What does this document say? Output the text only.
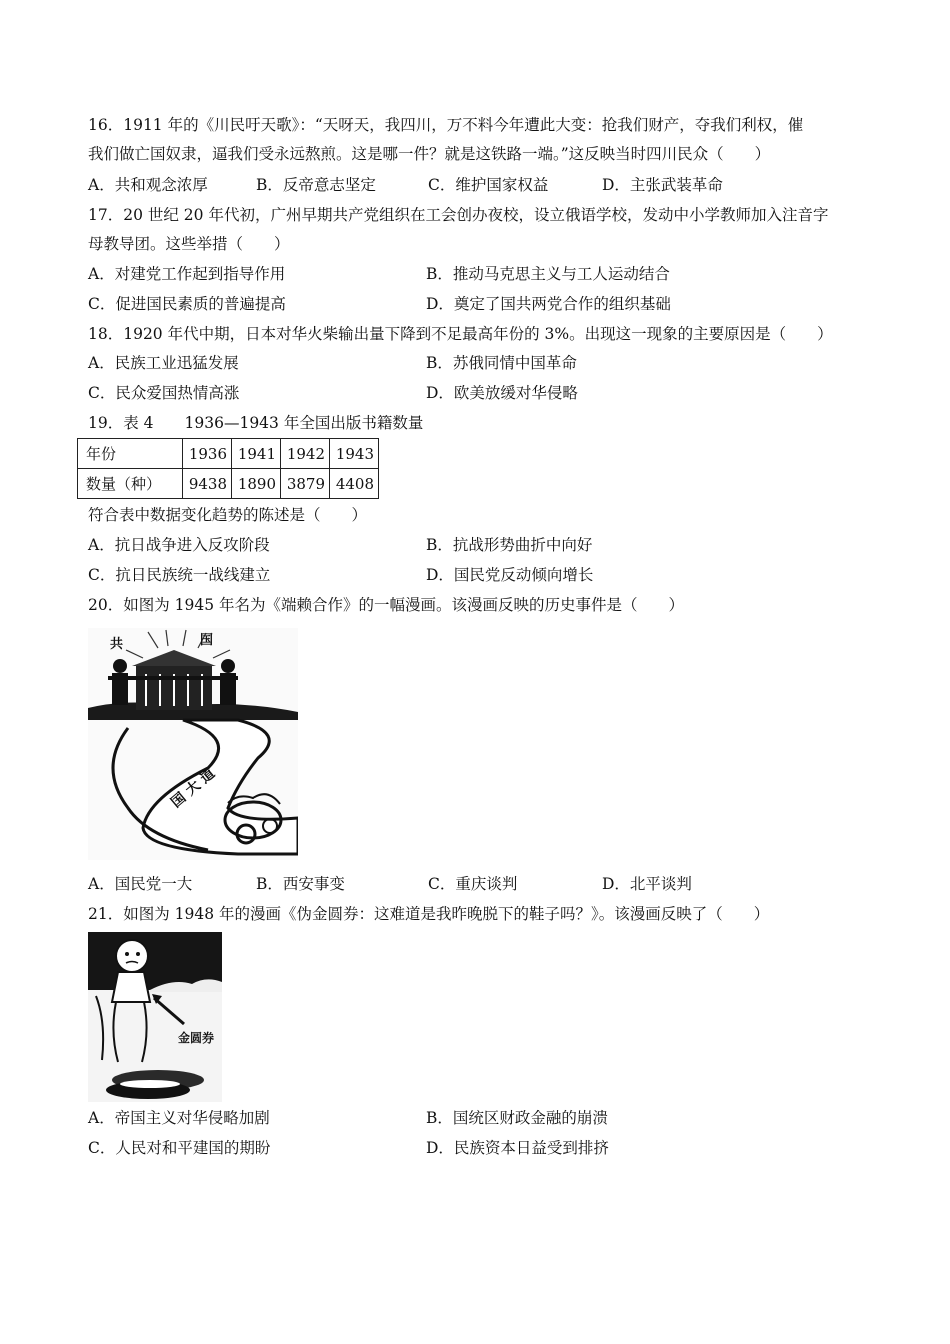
16．1911 年的《川民吁天歌》：“天呀天，我四川，万不料今年遭此大变：抢我们财产，夺我们利权，催
我们做亡国奴隶，逼我们受永远熬煎。这是哪一件？就是这铁路一端。”这反映当时四川民众（　　）
A．共和观念浓厚	B．反帝意志坚定	C．维护国家权益	D．主张武装革命
17．20 世纪 20 年代初，广州早期共产党组织在工会创办夜校，设立俄语学校，发动中小学教师加入注音字
母教导团。这些举措（　　）
A．对建党工作起到指导作用	B．推动马克思主义与工人运动结合
C．促进国民素质的普遍提高	D．奠定了国共两党合作的组织基础
18．1920 年代中期，日本对华火柴输出量下降到不足最高年份的 3%。出现这一现象的主要原因是（　　）
A．民族工业迅猛发展	B．苏俄同情中国革命
C．民众爱国热情高涨	D．欧美放缓对华侵略
19．表 4　　1936—1943 年全国出版书籍数量
年份	1936	1941	1942	1943
数量（种）	9438	1890	3879	4408
符合表中数据变化趋势的陈述是（　　）
A．抗日战争进入反攻阶段	B．抗战形势曲折中向好
C．抗日民族统一战线建立	D．国民党反动倾向增长
20．如图为 1945 年名为《端赖合作》的一幅漫画。该漫画反映的历史事件是（　　）
共	国
国 大 道
A．国民党一大	B．西安事变	C．重庆谈判	D．北平谈判
21．如图为 1948 年的漫画《伪金圆券：这难道是我昨晚脱下的鞋子吗？》。该漫画反映了（　　）
金圆券
A．帝国主义对华侵略加剧	B．国统区财政金融的崩溃
C．人民对和平建国的期盼	D．民族资本日益受到排挤
